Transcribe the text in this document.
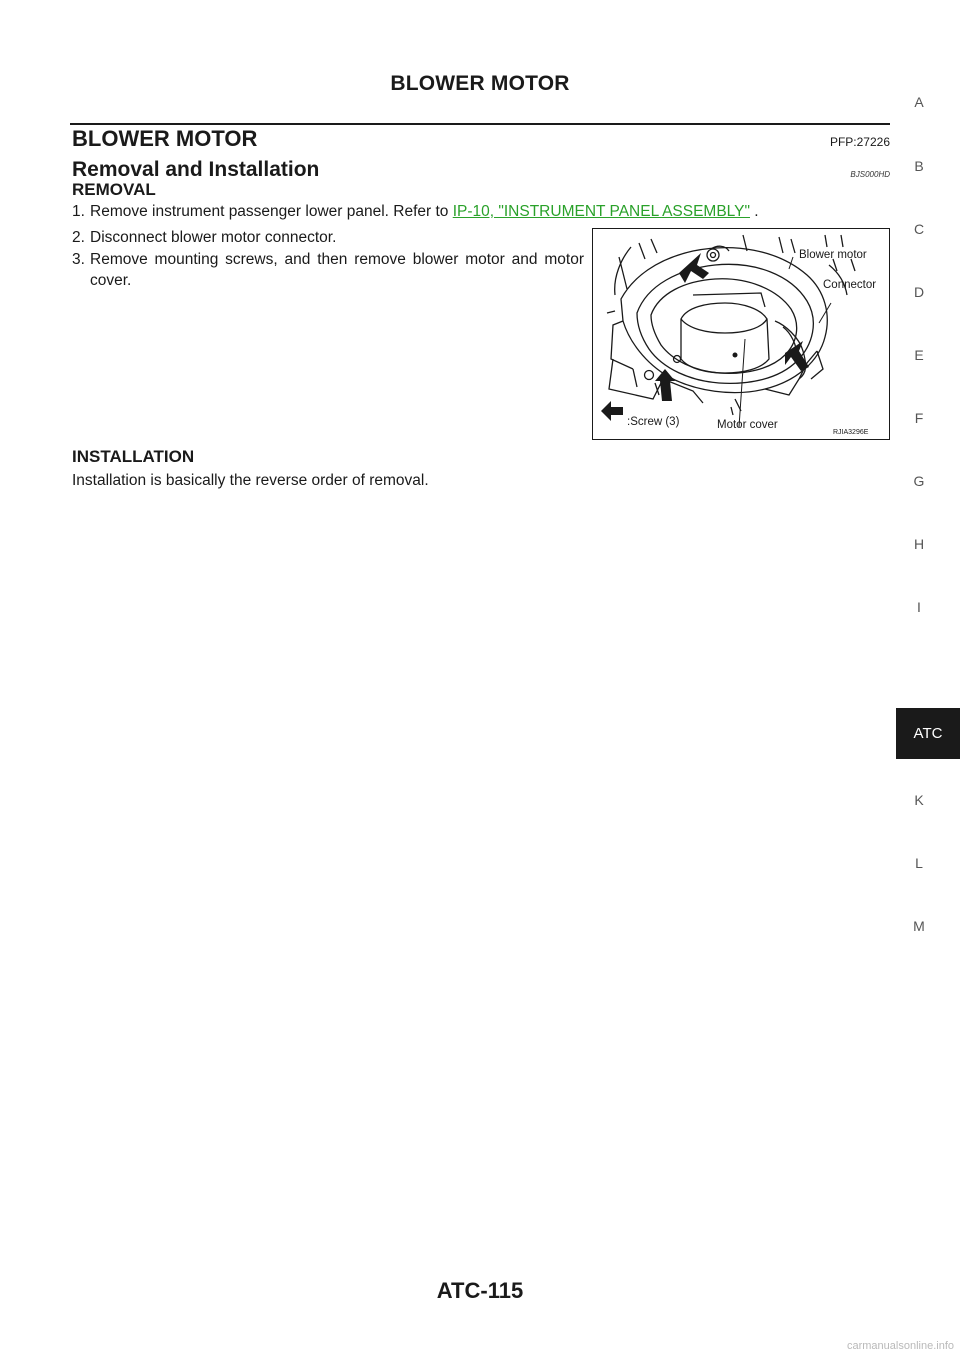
BLOWER MOTOR
BLOWER MOTOR	PFP:27226
Removal and Installation	BJS000HD
REMOVAL
1. Remove instrument passenger lower panel. Refer to IP-10, "INSTRUMENT PANEL ASSEMBLY" .
2. Disconnect blower motor connector.
3. Remove mounting screws, and then remove blower motor and motor cover.
Blower motor
Connector
:Screw (3)	Motor cover
RJIA3296E
INSTALLATION
Installation is basically the reverse order of removal.
A
B
C
D
E
F
G
H
I
K
L
M
ATC
ATC-115
carmanualsonline.info
